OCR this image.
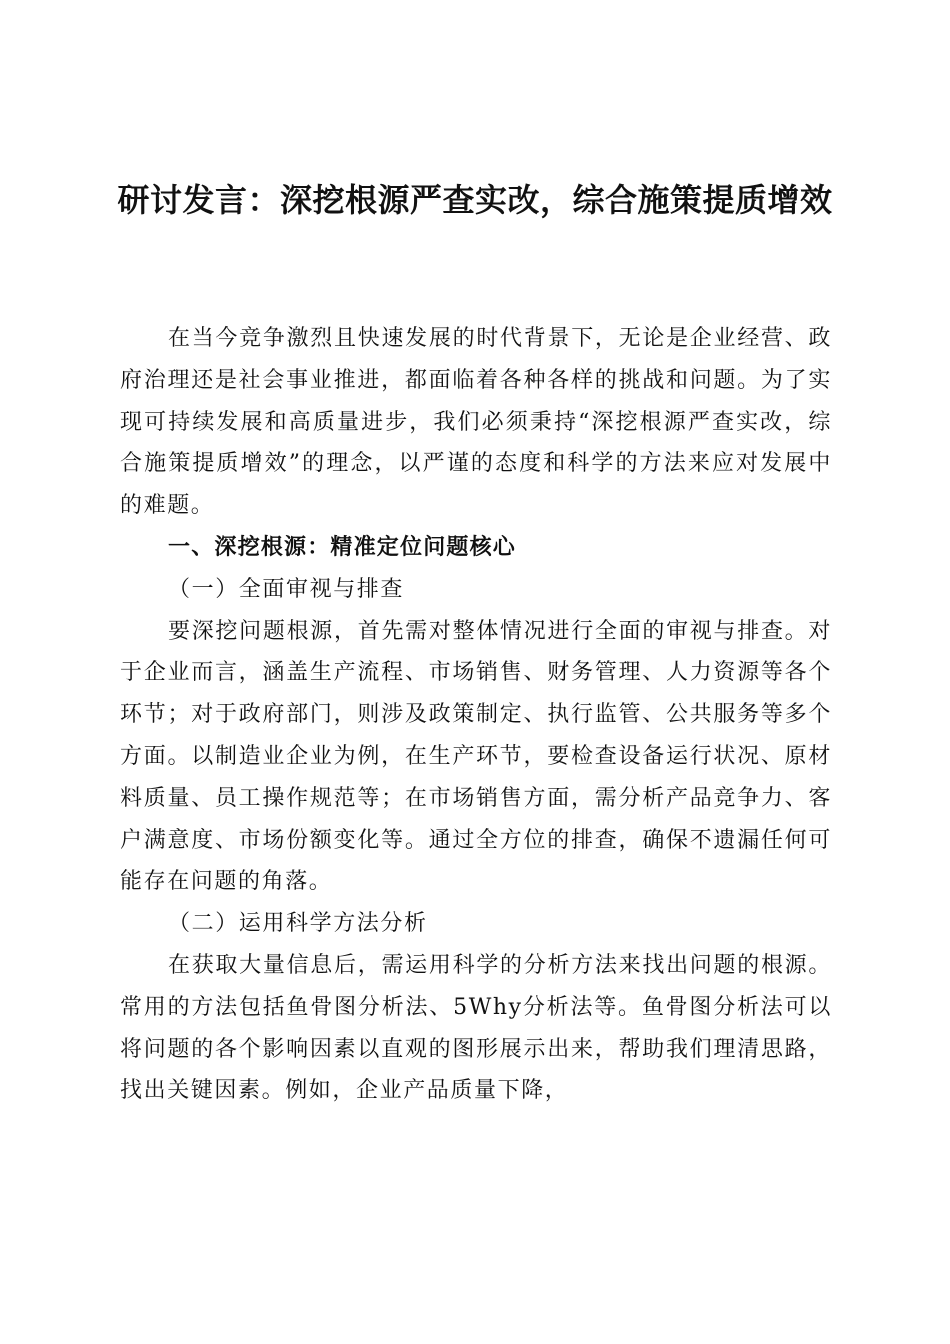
研讨发言：深挖根源严查实改，综合施策提质增效

在当今竞争激烈且快速发展的时代背景下，无论是企业经营、政府治理还是社会事业推进，都面临着各种各样的挑战和问题。为了实现可持续发展和高质量进步，我们必须秉持“深挖根源严查实改，综合施策提质增效”的理念，以严谨的态度和科学的方法来应对发展中的难题。

一、深挖根源：精准定位问题核心

（一）全面审视与排查

要深挖问题根源，首先需对整体情况进行全面的审视与排查。对于企业而言，涵盖生产流程、市场销售、财务管理、人力资源等各个环节；对于政府部门，则涉及政策制定、执行监管、公共服务等多个方面。以制造业企业为例，在生产环节，要检查设备运行状况、原材料质量、员工操作规范等；在市场销售方面，需分析产品竞争力、客户满意度、市场份额变化等。通过全方位的排查，确保不遗漏任何可能存在问题的角落。

（二）运用科学方法分析

在获取大量信息后，需运用科学的分析方法来找出问题的根源。常用的方法包括鱼骨图分析法、5Why分析法等。鱼骨图分析法可以将问题的各个影响因素以直观的图形展示出来，帮助我们理清思路，找出关键因素。例如，企业产品质量下降，
